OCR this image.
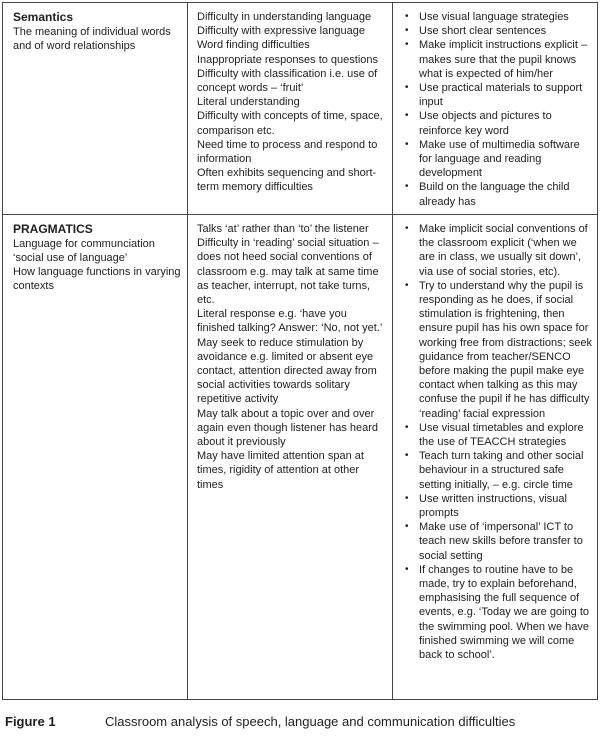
Semantics
The meaning of individual words and of word relationships
Difficulty in understanding language
Difficulty with expressive language
Word finding difficulties
Inappropriate responses to questions
Difficulty with classification i.e. use of concept words – ‘fruit’
Literal understanding
Difficulty with concepts of time, space, comparison etc.
Need time to process and respond to information
Often exhibits sequencing and short-term memory difficulties
• Use visual language strategies
• Use short clear sentences
• Make implicit instructions explicit – makes sure that the pupil knows what is expected of him/her
• Use practical materials to support input
• Use objects and pictures to reinforce key word
• Make use of multimedia software for language and reading development
• Build on the language the child already has
PRAGMATICS
Language for communciation
‘social use of language’
How language functions in varying contexts
Talks ‘at’ rather than ‘to’ the listener
Difficulty in ‘reading’ social situation – does not heed social conventions of classroom e.g. may talk at same time as teacher, interrupt, not take turns, etc.
Literal response e.g. ‘have you finished talking? Answer: ‘No, not yet.’
May seek to reduce stimulation by avoidance e.g. limited or absent eye contact, attention directed away from social activities towards solitary repetitive activity
May talk about a topic over and over again even though listener has heard about it previously
May have limited attention span at times, rigidity of attention at other times
• Make implicit social conventions of the classroom explicit (‘when we are in class, we usually sit down’, via use of social stories, etc).
• Try to understand why the pupil is responding as he does, if social stimulation is frightening, then ensure pupil has his own space for working free from distractions; seek guidance from teacher/SENCO before making the pupil make eye contact when talking as this may confuse the pupil if he has difficulty ‘reading’ facial expression
• Use visual timetables and explore the use of TEACCH strategies
• Teach turn taking and other social behaviour in a structured safe setting initially, – e.g. circle time
• Use written instructions, visual prompts
• Make use of ‘impersonal’ ICT to teach new skills before transfer to social setting
• If changes to routine have to be made, try to explain beforehand, emphasising the full sequence of events, e.g. ‘Today we are going to the swimming pool. When we have finished swimming we will come back to school’.
Figure 1	Classroom analysis of speech, language and communication difficulties
